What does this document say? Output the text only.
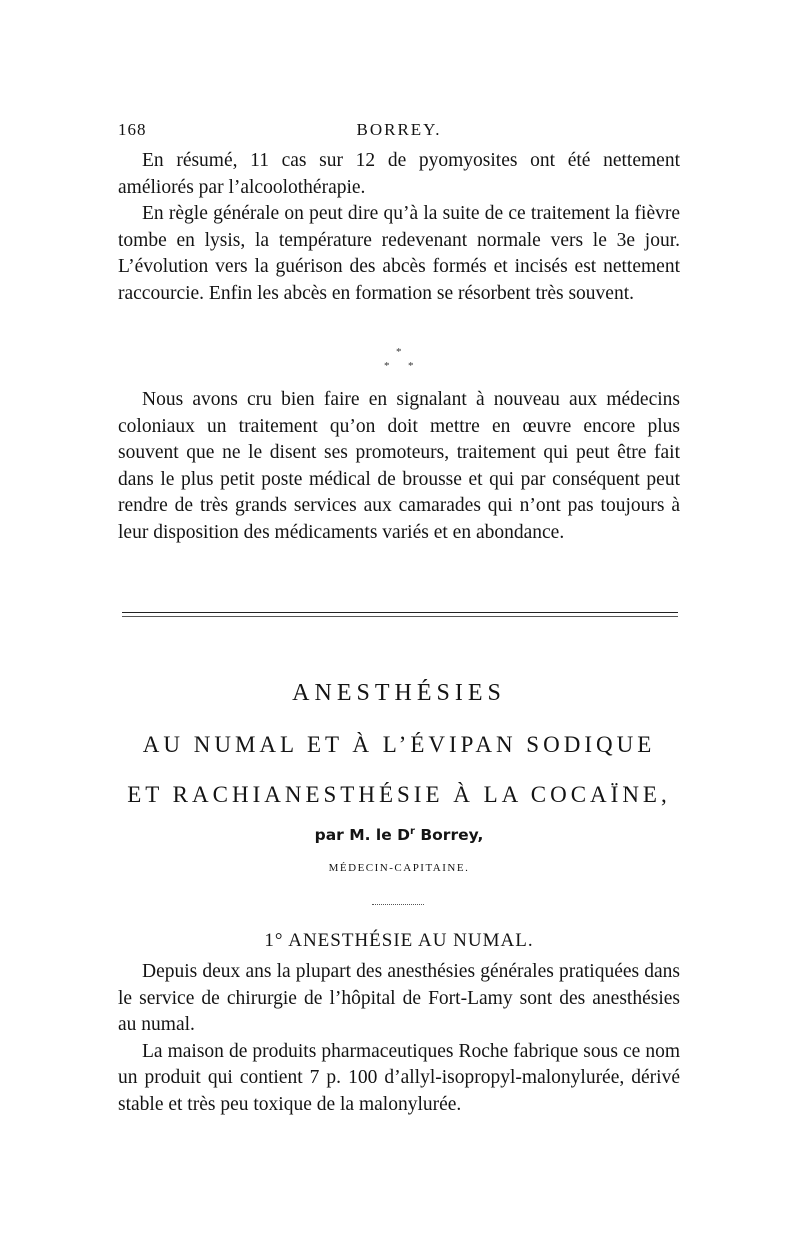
168	BORREY.

En résumé, 11 cas sur 12 de pyomyosites ont été nettement améliorés par l’alcoolothérapie.

En règle générale on peut dire qu’à la suite de ce traitement la fièvre tombe en lysis, la température redevenant normale vers le 3e jour. L’évolution vers la guérison des abcès formés et incisés est nettement raccourcie. Enfin les abcès en formation se résorbent très souvent.

*
* *

Nous avons cru bien faire en signalant à nouveau aux médecins coloniaux un traitement qu’on doit mettre en œuvre encore plus souvent que ne le disent ses promoteurs, traitement qui peut être fait dans le plus petit poste médical de brousse et qui par conséquent peut rendre de très grands services aux camarades qui n’ont pas toujours à leur disposition des médicaments variés et en abondance.

ANESTHÉSIES
AU NUMAL ET À L’ÉVIPAN SODIQUE
ET RACHIANESTHÉSIE À LA COCAÏNE,
par M. le $D^r$ Borrey,
MÉDECIN-CAPITAINE.
1° ANESTHÉSIE AU NUMAL.

Depuis deux ans la plupart des anesthésies générales pratiquées dans le service de chirurgie de l’hôpital de Fort-Lamy sont des anesthésies au numal.

La maison de produits pharmaceutiques Roche fabrique sous ce nom un produit qui contient 7 p. 100 d’allyl-isopropyl-malonylurée, dérivé stable et très peu toxique de la malonylurée.
